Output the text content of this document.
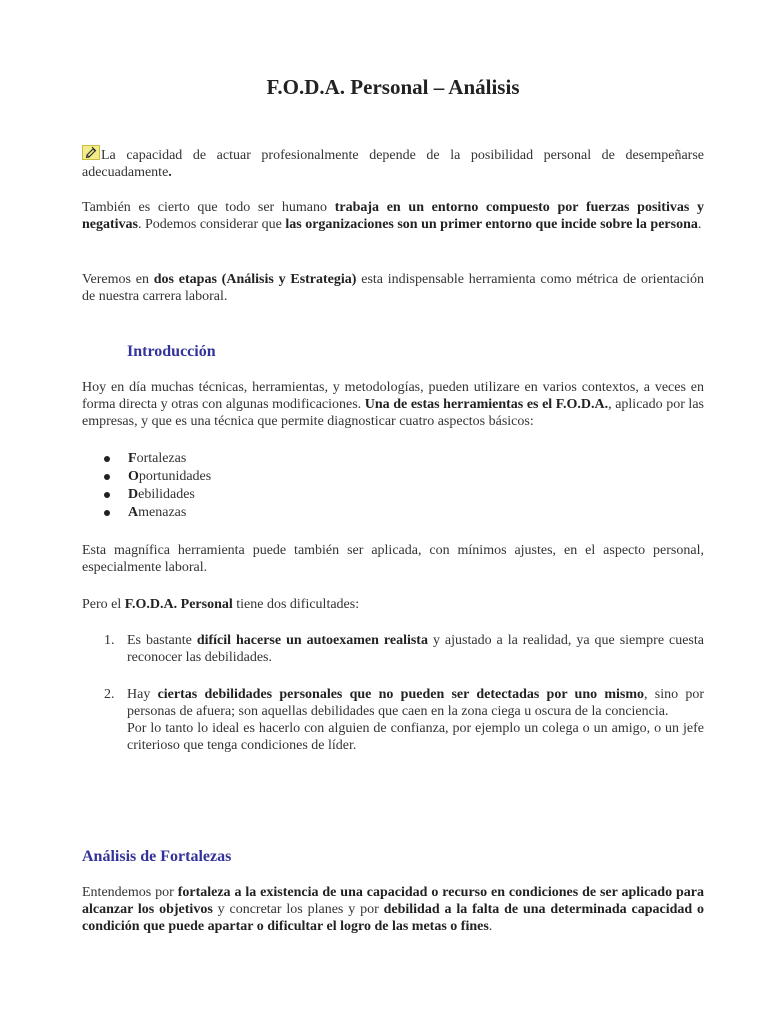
F.O.D.A. Personal – Análisis

La capacidad de actuar profesionalmente depende de la posibilidad personal de desempeñarse adecuadamente.

También es cierto que todo ser humano trabaja en un entorno compuesto por fuerzas positivas y negativas. Podemos considerar que las organizaciones son un primer entorno que incide sobre la persona.

Veremos en dos etapas (Análisis y Estrategia) esta indispensable herramienta como métrica de orientación de nuestra carrera laboral.

Introducción

Hoy en día muchas técnicas, herramientas, y metodologías, pueden utilizare en varios contextos, a veces en forma directa y otras con algunas modificaciones. Una de estas herramientas es el F.O.D.A., aplicado por las empresas, y que es una técnica que permite diagnosticar cuatro aspectos básicos:

Fortalezas
Oportunidades
Debilidades
Amenazas

Esta magnífica herramienta puede también ser aplicada, con mínimos ajustes, en el aspecto personal, especialmente laboral.

Pero el F.O.D.A. Personal tiene dos dificultades:

1. Es bastante difícil hacerse un autoexamen realista y ajustado a la realidad, ya que siempre cuesta reconocer las debilidades.

2. Hay ciertas debilidades personales que no pueden ser detectadas por uno mismo, sino por personas de afuera; son aquellas debilidades que caen en la zona ciega u oscura de la conciencia.

Por lo tanto lo ideal es hacerlo con alguien de confianza, por ejemplo un colega o un amigo, o un jefe criterioso que tenga condiciones de líder.

Análisis de Fortalezas

Entendemos por fortaleza a la existencia de una capacidad o recurso en condiciones de ser aplicado para alcanzar los objetivos y concretar los planes y por debilidad a la falta de una determinada capacidad o condición que puede apartar o dificultar el logro de las metas o fines.
